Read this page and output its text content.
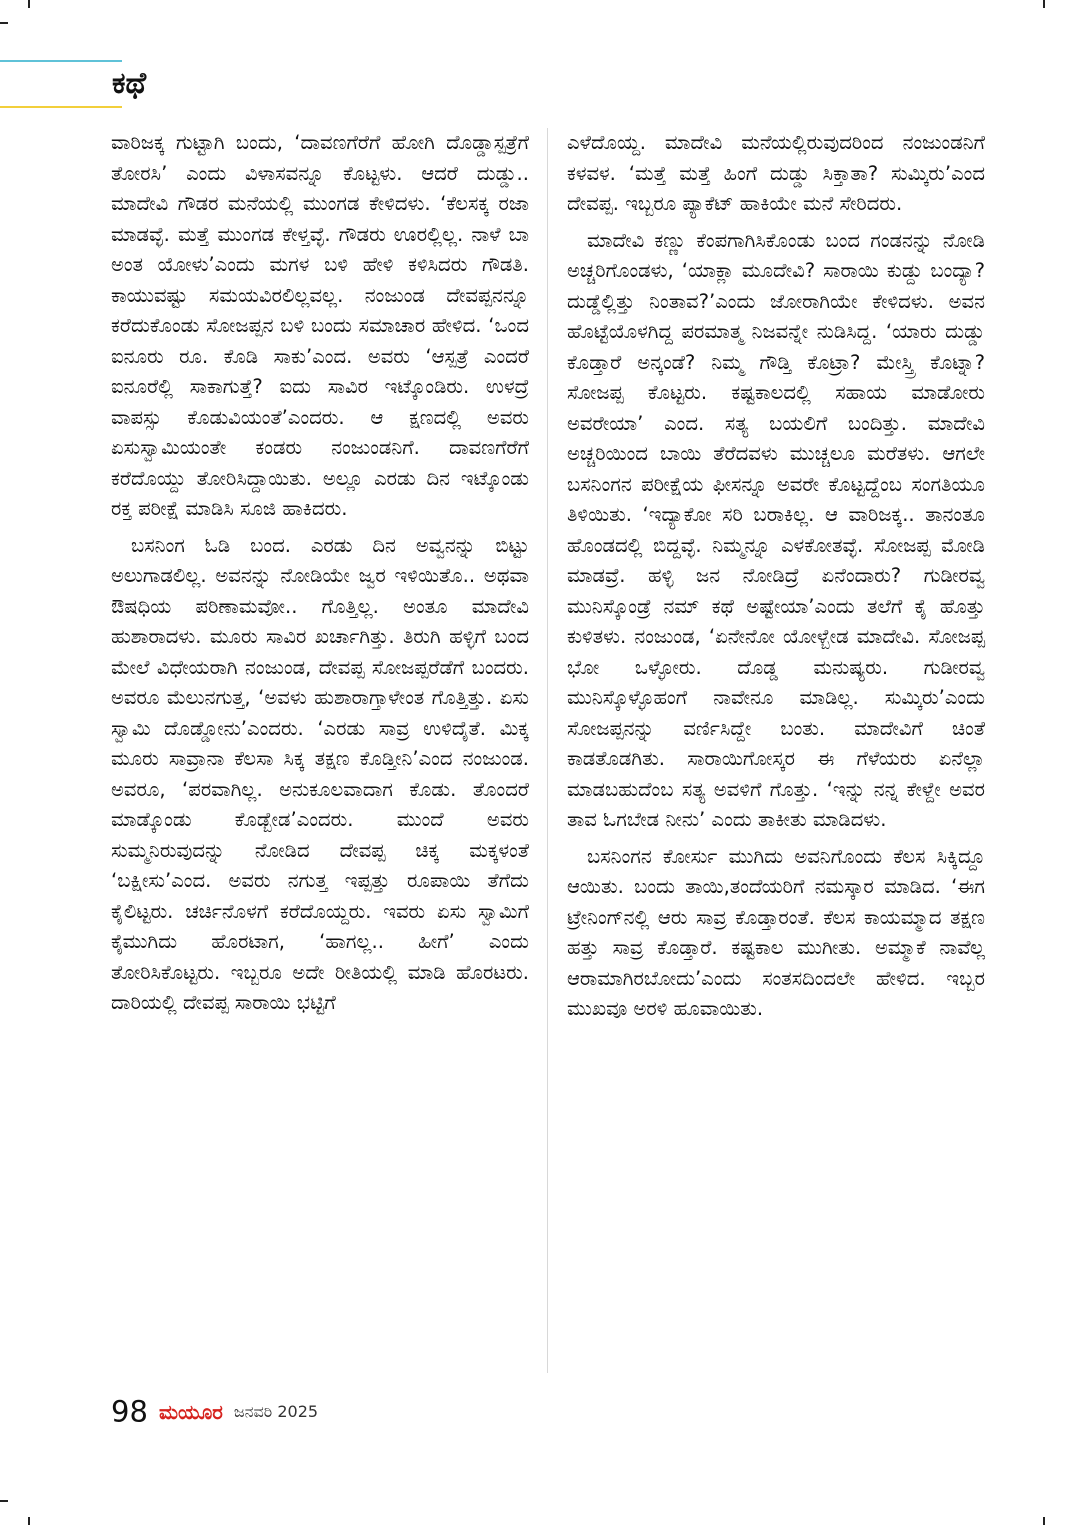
ಕಥೆ

ವಾರಿಜಕ್ಕ ಗುಟ್ಟಾಗಿ ಬಂದು, ‘ದಾವಣಗೆರೆಗೆ ಹೋಗಿ ದೊಡ್ಡಾಸ್ಪತ್ರೆಗೆ ತೋರಸಿ’ ಎಂದು ವಿಳಾಸವನ್ನೂ ಕೊಟ್ಟಳು. ಆದರೆ ದುಡ್ಡು.. ಮಾದೇವಿ ಗೌಡರ ಮನೆಯಲ್ಲಿ ಮುಂಗಡ ಕೇಳಿದಳು. ‘ಕೆಲಸಕ್ಕ ರಜಾ ಮಾಡವ್ಳೆ. ಮತ್ತೆ ಮುಂಗಡ ಕೇಳ್ತವ್ಳೆ. ಗೌಡರು ಊರಲ್ಲಿಲ್ಲ. ನಾಳೆ ಬಾ ಅಂತ ಯೋಳು’ಎಂದು ಮಗಳ ಬಳಿ ಹೇಳಿ ಕಳಿಸಿದರು ಗೌಡತಿ. ಕಾಯುವಷ್ಟು ಸಮಯವಿರಲಿಲ್ಲವಲ್ಲ. ನಂಜುಂಡ ದೇವಪ್ಪನನ್ನೂ ಕರೆದುಕೊಂಡು ಸೋಜಪ್ಪನ ಬಳಿ ಬಂದು ಸಮಾಚಾರ ಹೇಳಿದ. ‘ಒಂದ ಐನೂರು ರೂ. ಕೊಡಿ ಸಾಕು’ಎಂದ. ಅವರು ‘ಆಸ್ಪತ್ರೆ ಎಂದರೆ ಐನೂರೆಲ್ಲಿ ಸಾಕಾಗುತ್ತೆ? ಐದು ಸಾವಿರ ಇಟ್ಕೊಂಡಿರು. ಉಳದ್ರೆ ವಾಪಸ್ಸು ಕೊಡುವಿಯಂತೆ’ಎಂದರು. ಆ ಕ್ಷಣದಲ್ಲಿ ಅವರು ಏಸುಸ್ವಾಮಿಯಂತೇ ಕಂಡರು ನಂಜುಂಡನಿಗೆ. ದಾವಣಗೆರೆಗೆ ಕರೆದೊಯ್ದು ತೋರಿಸಿದ್ದಾಯಿತು. ಅಲ್ಲೂ ಎರಡು ದಿನ ಇಟ್ಕೊಂಡು ರಕ್ತ ಪರೀಕ್ಷೆ ಮಾಡಿಸಿ ಸೂಜಿ ಹಾಕಿದರು.

ಬಸನಿಂಗ ಓಡಿ ಬಂದ. ಎರಡು ದಿನ ಅವ್ವನನ್ನು ಬಿಟ್ಟು ಅಲುಗಾಡಲಿಲ್ಲ. ಅವನನ್ನು ನೋಡಿಯೇ ಜ್ವರ ಇಳಿಯಿತೊ.. ಅಥವಾ ಔಷಧಿಯ ಪರಿಣಾಮವೋ.. ಗೊತ್ತಿಲ್ಲ. ಅಂತೂ ಮಾದೇವಿ ಹುಶಾರಾದಳು. ಮೂರು ಸಾವಿರ ಖರ್ಚಾಗಿತ್ತು. ತಿರುಗಿ ಹಳ್ಳಿಗೆ ಬಂದ ಮೇಲೆ ವಿಧೇಯರಾಗಿ ನಂಜುಂಡ, ದೇವಪ್ಪ ಸೋಜಪ್ಪರೆಡೆಗೆ ಬಂದರು. ಅವರೂ ಮೆಲುನಗುತ್ತ, ‘ಅವಳು ಹುಶಾರಾಗ್ತಾಳೇಂತ ಗೊತ್ತಿತ್ತು. ಏಸು ಸ್ವಾಮಿ ದೊಡ್ಡೋನು’ಎಂದರು. ‘ಎರಡು ಸಾವ್ರ ಉಳಿದೈತೆ. ಮಿಕ್ಕ ಮೂರು ಸಾವ್ರಾನಾ ಕೆಲಸಾ ಸಿಕ್ಕ ತಕ್ಷಣ ಕೊಡ್ತೀನಿ’ಎಂದ ನಂಜುಂಡ. ಅವರೂ, ‘ಪರವಾಗಿಲ್ಲ. ಅನುಕೂಲವಾದಾಗ ಕೊಡು. ತೊಂದರೆ ಮಾಡ್ಕೊಂಡು ಕೊಡ್ಬೇಡ’ಎಂದರು. ಮುಂದೆ ಅವರು ಸುಮ್ಮನಿರುವುದನ್ನು ನೋಡಿದ ದೇವಪ್ಪ ಚಿಕ್ಕ ಮಕ್ಕಳಂತೆ ‘ಬಕ್ಷೀಸು’ಎಂದ. ಅವರು ನಗುತ್ತ ಇಪ್ಪತ್ತು ರೂಪಾಯಿ ತೆಗೆದು ಕೈಲಿಟ್ಟರು. ಚರ್ಚಿನೊಳಗೆ ಕರೆದೊಯ್ದರು. ಇವರು ಏಸು ಸ್ವಾಮಿಗೆ ಕೈಮುಗಿದು ಹೊರಟಾಗ, ‘ಹಾಗಲ್ಲ.. ಹೀಗೆ’ ಎಂದು ತೋರಿಸಿಕೊಟ್ಟರು. ಇಬ್ಬರೂ ಅದೇ ರೀತಿಯಲ್ಲಿ ಮಾಡಿ ಹೊರಟರು. ದಾರಿಯಲ್ಲಿ ದೇವಪ್ಪ ಸಾರಾಯಿ ಭಟ್ಟಿಗೆ

ಎಳೆದೊಯ್ದ. ಮಾದೇವಿ ಮನೆಯಲ್ಲಿರುವುದರಿಂದ ನಂಜುಂಡನಿಗೆ ಕಳವಳ. ‘ಮತ್ತೆ ಮತ್ತೆ ಹಿಂಗೆ ದುಡ್ಡು ಸಿಕ್ತಾತಾ? ಸುಮ್ಕಿರು’ಎಂದ ದೇವಪ್ಪ. ಇಬ್ಬರೂ ಪ್ಯಾಕೆಟ್ ಹಾಕಿಯೇ ಮನೆ ಸೇರಿದರು.

ಮಾದೇವಿ ಕಣ್ಣು ಕೆಂಪಗಾಗಿಸಿಕೊಂಡು ಬಂದ ಗಂಡನನ್ನು ನೋಡಿ ಅಚ್ಚರಿಗೊಂಡಳು, ‘ಯಾಕ್ಲಾ ಮೂದೇವಿ? ಸಾರಾಯಿ ಕುಡ್ದು ಬಂದ್ಯಾ? ದುಡ್ಡೆಲ್ಲಿತ್ತು ನಿಂತಾವ?’ಎಂದು ಜೋರಾಗಿಯೇ ಕೇಳಿದಳು. ಅವನ ಹೊಟ್ಟೆಯೊಳಗಿದ್ದ ಪರಮಾತ್ಮ ನಿಜವನ್ನೇ ನುಡಿಸಿದ್ದ. ‘ಯಾರು ದುಡ್ಡು ಕೊಡ್ತಾರೆ ಅನ್ಕಂಡೆ? ನಿಮ್ಮ ಗೌಡ್ತಿ ಕೊಟ್ರಾ? ಮೇಸ್ತ್ರಿ ಕೊಟ್ನಾ? ಸೋಜಪ್ಪ ಕೊಟ್ಟರು. ಕಷ್ಟಕಾಲದಲ್ಲಿ ಸಹಾಯ ಮಾಡೋರು ಅವರೇಯಾ’ ಎಂದ. ಸತ್ಯ ಬಯಲಿಗೆ ಬಂದಿತ್ತು. ಮಾದೇವಿ ಅಚ್ಚರಿಯಿಂದ ಬಾಯಿ ತೆರೆದವಳು ಮುಚ್ಚಲೂ ಮರೆತಳು. ಆಗಲೇ ಬಸನಿಂಗನ ಪರೀಕ್ಷೆಯ ಫೀಸನ್ನೂ ಅವರೇ ಕೊಟ್ಟದ್ದೆಂಬ ಸಂಗತಿಯೂ ತಿಳಿಯಿತು. ‘ಇದ್ಯಾಕೋ ಸರಿ ಬರಾಕಿಲ್ಲ. ಆ ವಾರಿಜಕ್ಕ.. ತಾನಂತೂ ಹೊಂಡದಲ್ಲಿ ಬಿದ್ದವ್ಳೆ. ನಿಮ್ಮನ್ನೂ ಎಳಕೋತವ್ಳೆ. ಸೋಜಪ್ಪ ಮೋಡಿ ಮಾಡವ್ರೆ. ಹಳ್ಳಿ ಜನ ನೋಡಿದ್ರೆ ಏನೆಂದಾರು? ಗುಡೀರವ್ವ ಮುನಿಸ್ಕೊಂಡ್ರೆ ನಮ್ ಕಥೆ ಅಷ್ಟೇಯಾ’ಎಂದು ತಲೆಗೆ ಕೈ ಹೊತ್ತು ಕುಳಿತಳು. ನಂಜುಂಡ, ‘ಏನೇನೋ ಯೋಳ್ಬೇಡ ಮಾದೇವಿ. ಸೋಜಪ್ಪ ಭೋ ಒಳ್ಳೋರು. ದೊಡ್ಡ ಮನುಷ್ಯರು. ಗುಡೀರವ್ವ ಮುನಿಸ್ಕೊಳ್ಳೊಹಂಗೆ ನಾವೇನೂ ಮಾಡಿಲ್ಲ. ಸುಮ್ಕಿರು’ಎಂದು ಸೋಜಪ್ಪನನ್ನು ವರ್ಣಿಸಿದ್ದೇ ಬಂತು. ಮಾದೇವಿಗೆ ಚಿಂತೆ ಕಾಡತೊಡಗಿತು. ಸಾರಾಯಿಗೋಸ್ಕರ ಈ ಗೆಳೆಯರು ಏನೆಲ್ಲಾ ಮಾಡಬಹುದೆಂಬ ಸತ್ಯ ಅವಳಿಗೆ ಗೊತ್ತು. ‘ಇನ್ನು ನನ್ನ ಕೇಳ್ದೇ ಅವರ ತಾವ ಓಗಬೇಡ ನೀನು’ ಎಂದು ತಾಕೀತು ಮಾಡಿದಳು.

ಬಸನಿಂಗನ ಕೋರ್ಸು ಮುಗಿದು ಅವನಿಗೊಂದು ಕೆಲಸ ಸಿಕ್ಕಿದ್ದೂ ಆಯಿತು. ಬಂದು ತಾಯಿ,ತಂದೆಯರಿಗೆ ನಮಸ್ಕಾರ ಮಾಡಿದ. ‘ಈಗ ಟ್ರೇನಿಂಗ್‌ನಲ್ಲಿ ಆರು ಸಾವ್ರ ಕೊಡ್ತಾರಂತೆ. ಕೆಲಸ ಕಾಯಮ್ಮಾದ ತಕ್ಷಣ ಹತ್ತು ಸಾವ್ರ ಕೊಡ್ತಾರೆ. ಕಷ್ಟಕಾಲ ಮುಗೀತು. ಅಮ್ಮಾಕೆ ನಾವೆಲ್ಲ ಆರಾಮಾಗಿರಬೋದು’ಎಂದು ಸಂತಸದಿಂದಲೇ ಹೇಳಿದ. ಇಬ್ಬರ ಮುಖವೂ ಅರಳಿ ಹೂವಾಯಿತು.

98 ಮಯೂರ ಜನವರಿ 2025
